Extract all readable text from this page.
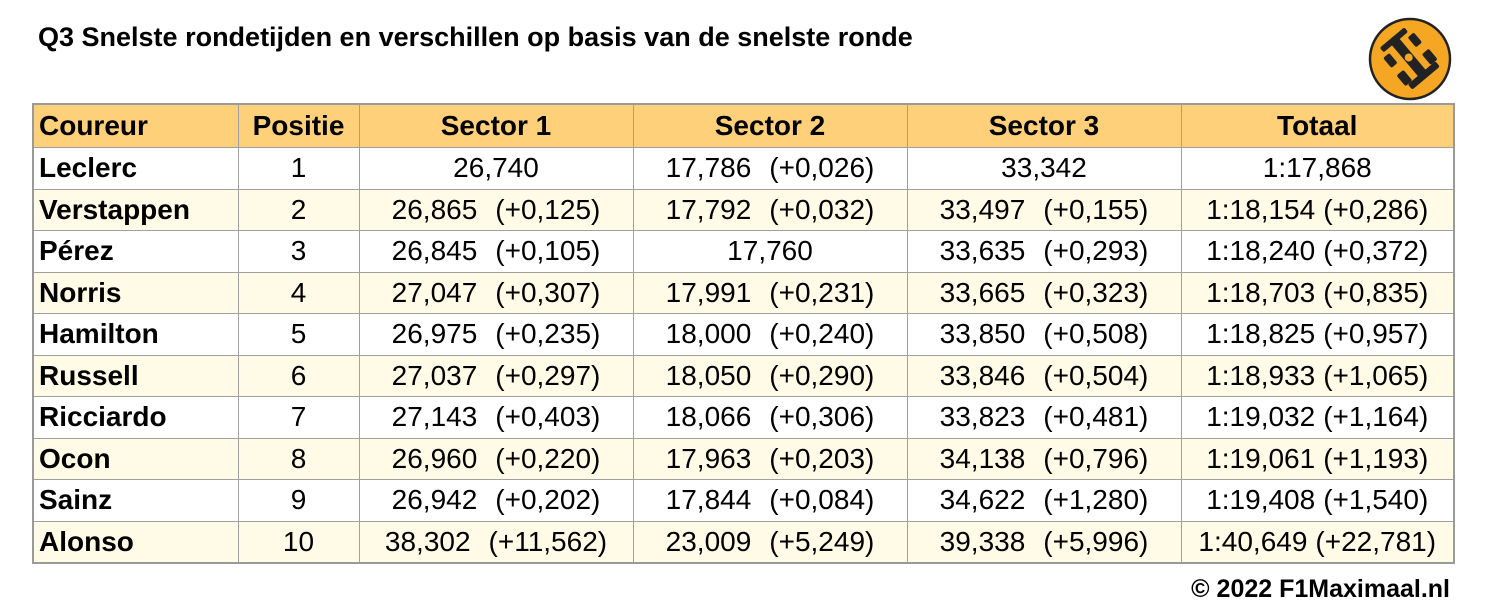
Q3 Snelste rondetijden en verschillen op basis van de snelste ronde
Coureur	Positie	Sector 1	Sector 2	Sector 3	Totaal
Leclerc	1	26,740	17,786 (+0,026)	33,342	1:17,868
Verstappen	2	26,865 (+0,125)	17,792 (+0,032)	33,497 (+0,155)	1:18,154 (+0,286)
Pérez	3	26,845 (+0,105)	17,760	33,635 (+0,293)	1:18,240 (+0,372)
Norris	4	27,047 (+0,307)	17,991 (+0,231)	33,665 (+0,323)	1:18,703 (+0,835)
Hamilton	5	26,975 (+0,235)	18,000 (+0,240)	33,850 (+0,508)	1:18,825 (+0,957)
Russell	6	27,037 (+0,297)	18,050 (+0,290)	33,846 (+0,504)	1:18,933 (+1,065)
Ricciardo	7	27,143 (+0,403)	18,066 (+0,306)	33,823 (+0,481)	1:19,032 (+1,164)
Ocon	8	26,960 (+0,220)	17,963 (+0,203)	34,138 (+0,796)	1:19,061 (+1,193)
Sainz	9	26,942 (+0,202)	17,844 (+0,084)	34,622 (+1,280)	1:19,408 (+1,540)
Alonso	10	38,302 (+11,562)	23,009 (+5,249)	39,338 (+5,996)	1:40,649 (+22,781)
© 2022 F1Maximaal.nl
